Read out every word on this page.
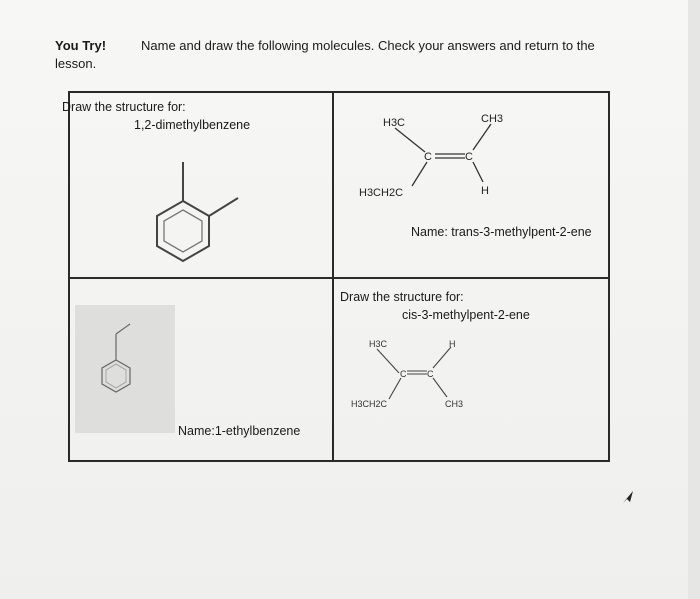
You Try!	Name and draw the following molecules. Check your answers and return to the
lesson.
Draw the structure for:
1,2-dimethylbenzene	H3C	CH3
C	C
H3CH2C	H
Name: trans-3-methylpent-2-ene
Name:1-ethylbenzene
Draw the structure for:
cis-3-methylpent-2-ene
H3C	H
C C
H3CH2C	CH3
